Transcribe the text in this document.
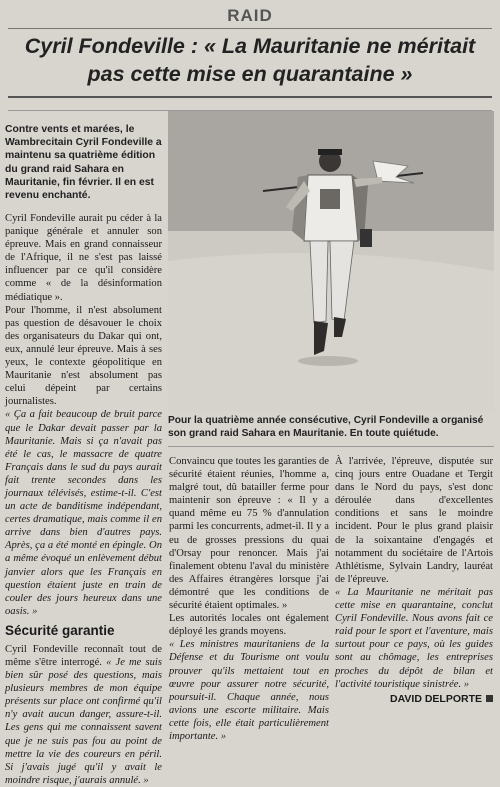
RAID
Cyril Fondeville : « La Mauritanie ne méritait pas cette mise en quarantaine »
Contre vents et marées, le Wambrecitain Cyril Fondeville a maintenu sa quatrième édition du grand raid Sahara en Mauritanie, fin février. Il en est revenu enchanté.
Pour la quatrième année consécutive, Cyril Fondeville a organisé son grand raid Sahara en Mauritanie. En toute quiétude.

Cyril Fondeville aurait pu céder à la panique générale et annuler son épreuve. Mais en grand connaisseur de l'Afrique, il ne s'est pas laissé influencer par ce qu'il considère comme « de la désinformation médiatique ».

Pour l'homme, il n'est absolument pas question de désavouer le choix des organisateurs du Dakar qui ont, eux, annulé leur épreuve. Mais à ses yeux, le contexte géopolitique en Mauritanie n'est absolument pas celui dépeint par certains journalistes.

« Ça a fait beaucoup de bruit parce que le Dakar devait passer par la Mauritanie. Mais si ça n'avait pas été le cas, le massacre de quatre Français dans le sud du pays aurait fait trente secondes dans les journaux télévisés, estime-t-il. C'est un acte de banditisme indépendant, certes dramatique, mais comme il en arrive dans bien d'autres pays. Après, ça a été monté en épingle. On a même évoqué un enlèvement début janvier alors que les Français en question étaient juste en train de couler des jours heureux dans une oasis. »

Sécurité garantie

Cyril Fondeville reconnaît tout de même s'être interrogé. « Je me suis bien sûr posé des questions, mais plusieurs membres de mon équipe présents sur place ont confirmé qu'il n'y avait aucun danger, assure-t-il. Les gens qui me connaissent savent que je ne suis pas fou au point de mettre la vie des coureurs en péril. Si j'avais jugé qu'il y avait le moindre risque, j'aurais annulé. »

Convaincu que toutes les garanties de sécurité étaient réunies, l'homme a, malgré tout, dû batailler ferme pour maintenir son épreuve : « Il y a quand même eu 75 % d'annulation parmi les concurrents, admet-il. Il y a eu de grosses pressions du quai d'Orsay pour renoncer. Mais j'ai finalement obtenu l'aval du ministère des Affaires étrangères lorsque j'ai démontré que les conditions de sécurité étaient optimales. »

Les autorités locales ont également déployé les grands moyens.

« Les ministres mauritaniens de la Défense et du Tourisme ont voulu prouver qu'ils mettaient tout en œuvre pour assurer notre sécurité, poursuit-il. Chaque année, nous avions une escorte militaire. Mais cette fois, elle était particulièrement importante. »

À l'arrivée, l'épreuve, disputée sur cinq jours entre Ouadane et Tergit dans le Nord du pays, s'est donc déroulée dans d'excellentes conditions et sans le moindre incident. Pour le plus grand plaisir de la soixantaine d'engagés et notamment du sociétaire de l'Artois Athlétisme, Sylvain Landry, lauréat de l'épreuve.

« La Mauritanie ne méritait pas cette mise en quarantaine, conclut Cyril Fondeville. Nous avons fait ce raid pour le sport et l'aventure, mais surtout pour ce pays, où les guides sont au chômage, les entreprises proches du dépôt de bilan et l'activité touristique sinistrée. »

DAVID DELPORTE
